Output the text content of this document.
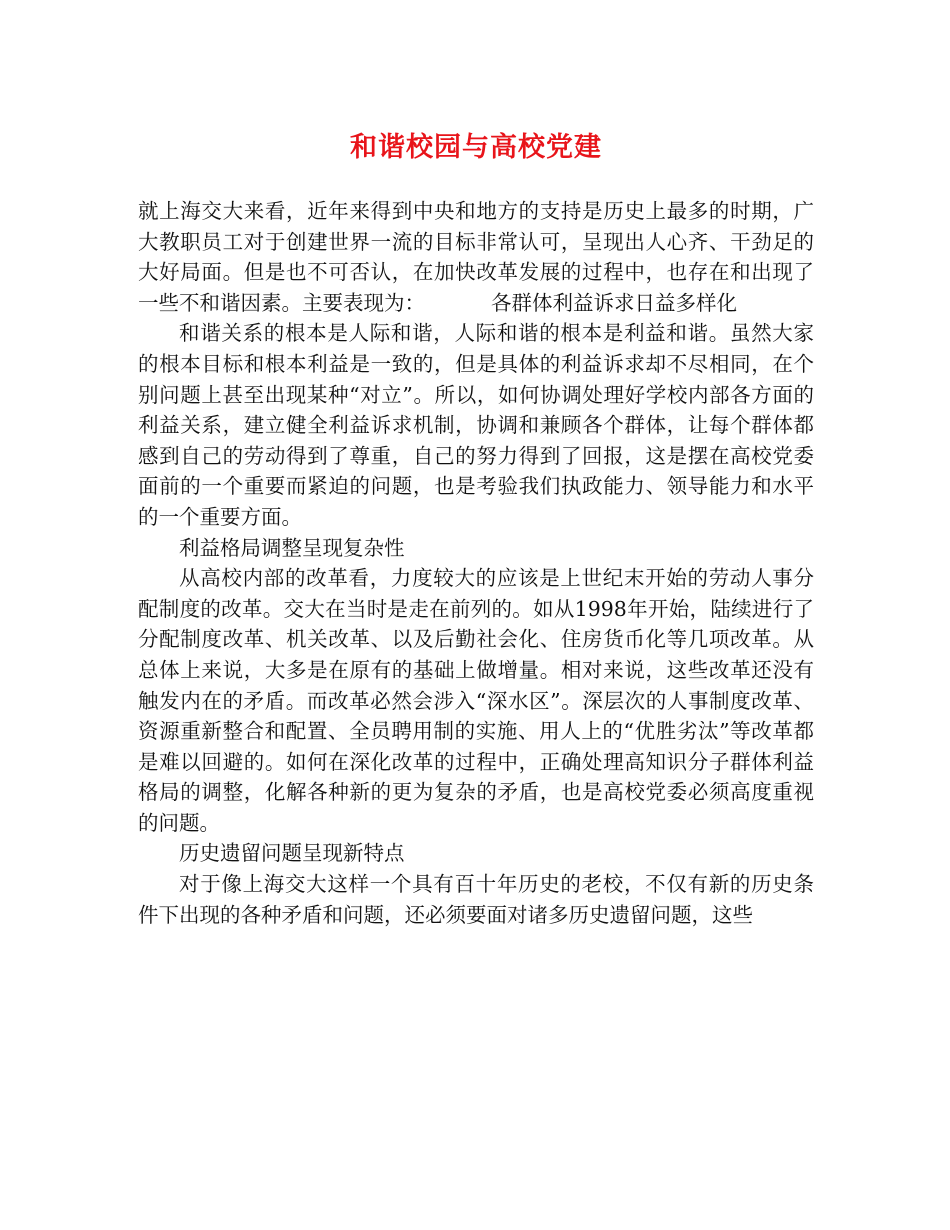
和谐校园与高校党建

就上海交大来看，近年来得到中央和地方的支持是历史上最多的时期，广大教职员工对于创建世界一流的目标非常认可，呈现出人心齐、干劲足的大好局面。但是也不可否认，在加快改革发展的过程中，也存在和出现了一些不和谐因素。主要表现为：	各群体利益诉求日益多样化

和谐关系的根本是人际和谐，人际和谐的根本是利益和谐。虽然大家的根本目标和根本利益是一致的，但是具体的利益诉求却不尽相同，在个别问题上甚至出现某种“对立”。所以，如何协调处理好学校内部各方面的利益关系，建立健全利益诉求机制，协调和兼顾各个群体，让每个群体都感到自己的劳动得到了尊重，自己的努力得到了回报，这是摆在高校党委面前的一个重要而紧迫的问题，也是考验我们执政能力、领导能力和水平的一个重要方面。

利益格局调整呈现复杂性

从高校内部的改革看，力度较大的应该是上世纪末开始的劳动人事分配制度的改革。交大在当时是走在前列的。如从1998年开始，陆续进行了分配制度改革、机关改革、以及后勤社会化、住房货币化等几项改革。从总体上来说，大多是在原有的基础上做增量。相对来说，这些改革还没有触发内在的矛盾。而改革必然会涉入“深水区”。深层次的人事制度改革、资源重新整合和配置、全员聘用制的实施、用人上的“优胜劣汰”等改革都是难以回避的。如何在深化改革的过程中，正确处理高知识分子群体利益格局的调整，化解各种新的更为复杂的矛盾，也是高校党委必须高度重视的问题。

历史遗留问题呈现新特点

对于像上海交大这样一个具有百十年历史的老校，不仅有新的历史条件下出现的各种矛盾和问题，还必须要面对诸多历史遗留问题，这些
